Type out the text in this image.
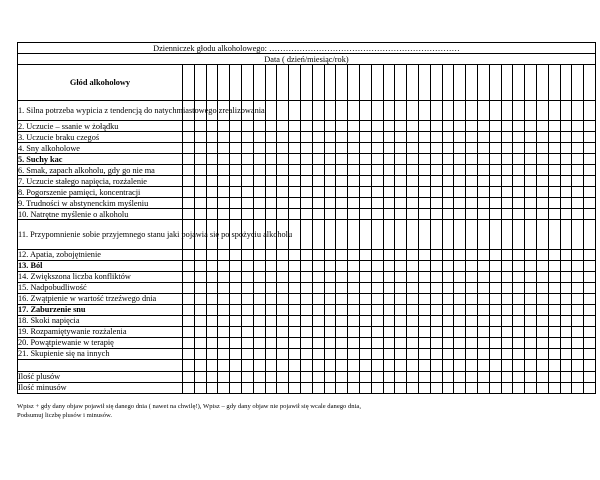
Dzienniczek głodu alkoholowego: ……………………………………………………………																																			
Data ( dzień/miesiąc/rok)																																			
Głód alkoholowy																																			
1. Silna potrzeba wypicia z tendencją do natychmiastowego zrealizowania																																			
2. Uczucie – ssanie w żołądku																																			
3. Uczucie braku czegoś																																			
4. Sny alkoholowe																																			
5. Suchy kac																																			
6. Smak, zapach alkoholu, gdy go nie ma																																			
7. Uczucie stałego napięcia, rozżalenie																																			
8. Pogorszenie pamięci, koncentracji																																			
9. Trudności w abstynenckim myśleniu																																			
10. Natrętne myślenie o alkoholu																																			
11. Przypomnienie sobie przyjemnego stanu jaki pojawia się po spożyciu alkoholu																																			
12. Apatia, zobojętnienie																																			
13. Ból																																			
14. Zwiększona liczba konfliktów																																			
15. Nadpobudliwość																																			
16. Zwątpienie w wartość trzeźwego dnia																																			
17. Zaburzenie snu																																			
18. Skoki napięcia																																			
19. Rozpamiętywanie rozżalenia																																			
20. Powątpiewanie w terapię																																			
21. Skupienie się na innych																																			

Ilość plusów																																			
Ilość minusów																																			
Wpisz + gdy dany objaw pojawił się danego dnia ( nawet na chwilę!), Wpisz – gdy dany objaw nie pojawił się wcale danego dnia,
Podsumuj liczbę plusów i minusów.
